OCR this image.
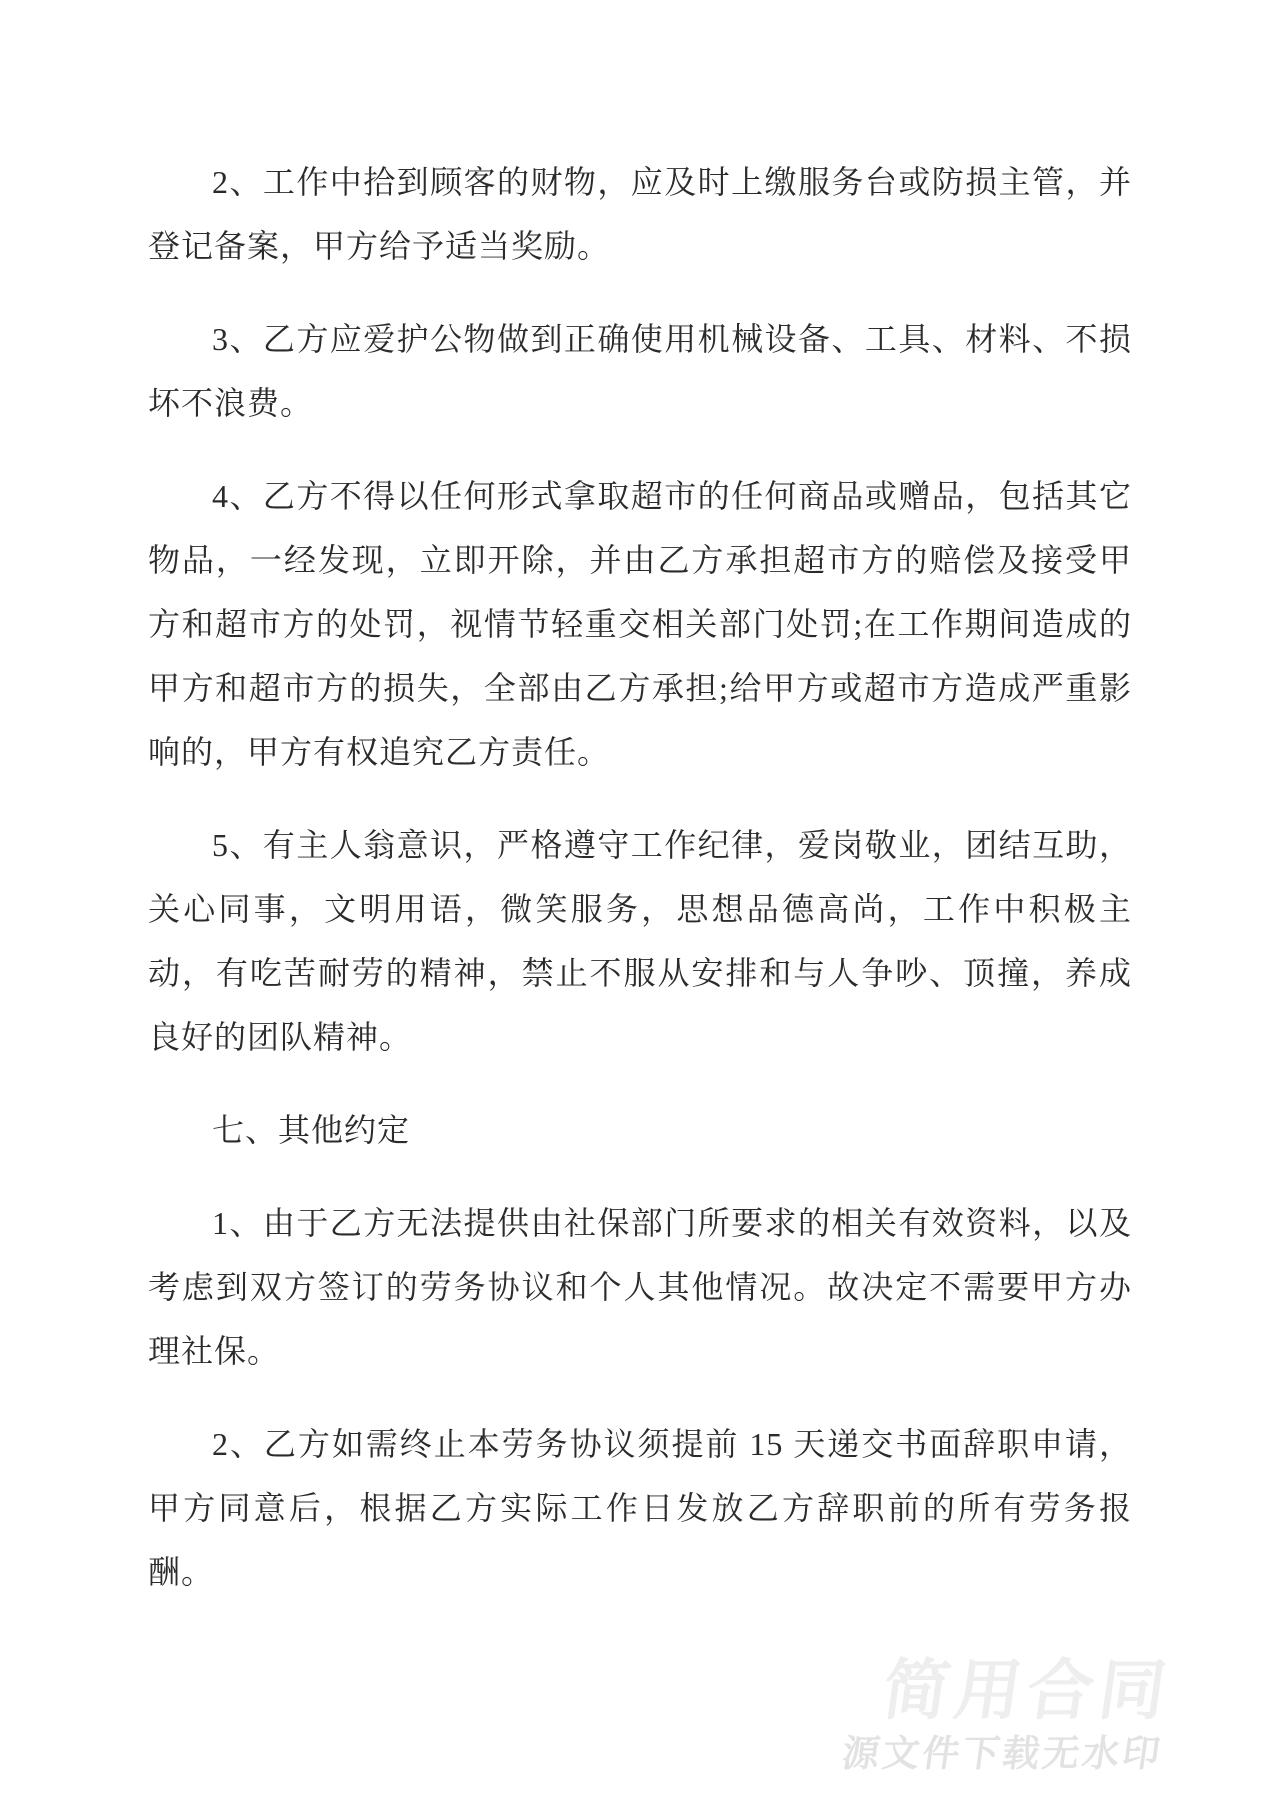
2、工作中拾到顾客的财物，应及时上缴服务台或防损主管，并登记备案，甲方给予适当奖励。

3、乙方应爱护公物做到正确使用机械设备、工具、材料、不损坏不浪费。

4、乙方不得以任何形式拿取超市的任何商品或赠品，包括其它物品，一经发现，立即开除，并由乙方承担超市方的赔偿及接受甲方和超市方的处罚，视情节轻重交相关部门处罚;在工作期间造成的甲方和超市方的损失，全部由乙方承担;给甲方或超市方造成严重影响的，甲方有权追究乙方责任。

5、有主人翁意识，严格遵守工作纪律，爱岗敬业，团结互助，关心同事，文明用语，微笑服务，思想品德高尚，工作中积极主动，有吃苦耐劳的精神，禁止不服从安排和与人争吵、顶撞，养成良好的团队精神。

七、其他约定

1、由于乙方无法提供由社保部门所要求的相关有效资料，以及考虑到双方签订的劳务协议和个人其他情况。故决定不需要甲方办理社保。

2、乙方如需终止本劳务协议须提前 15 天递交书面辞职申请，甲方同意后，根据乙方实际工作日发放乙方辞职前的所有劳务报酬。

简用合同
源文件下载无水印
